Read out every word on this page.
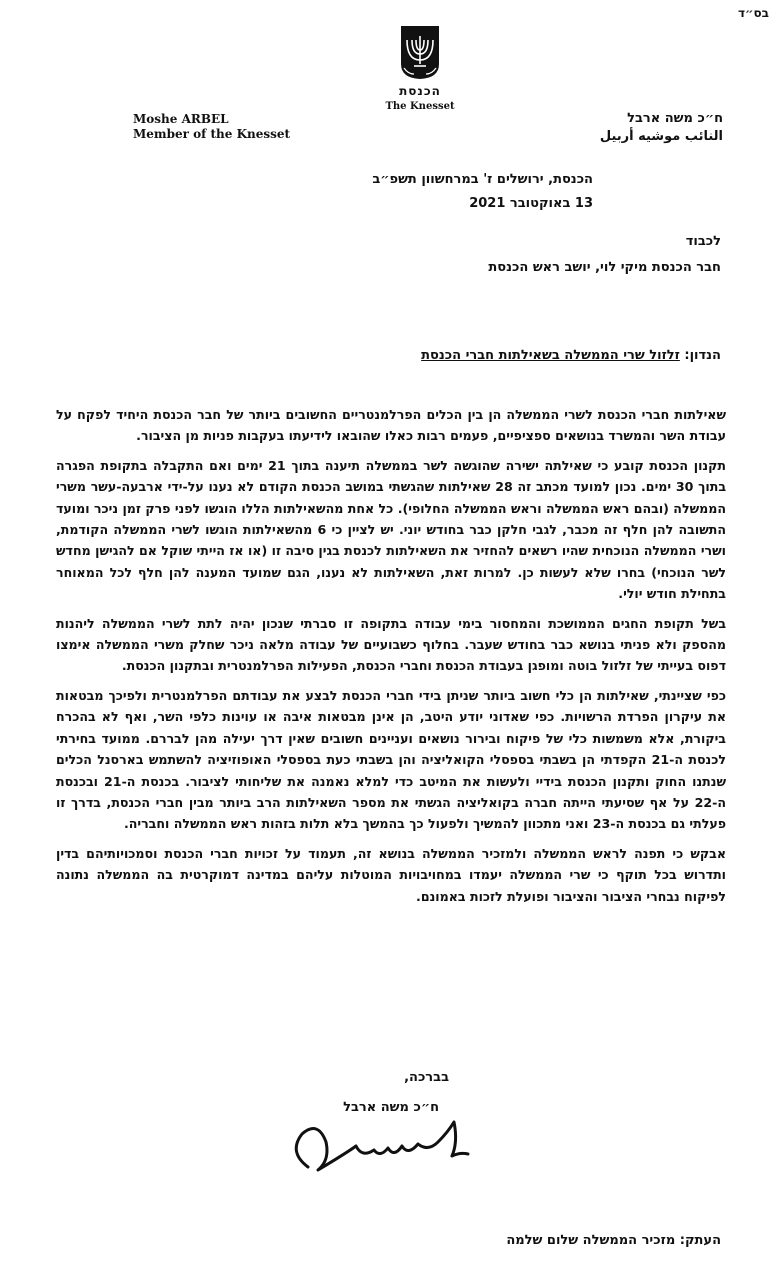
בס״ד
הכנסת
The Knesset
Moshe ARBEL
Member of the Knesset
ח״כ משה ארבל
النائب موشيه أربيل
הכנסת, ירושלים ז' במרחשוון תשפ״ב
13 באוקטובר 2021
לכבוד
חבר הכנסת מיקי לוי, יושב ראש הכנסת
הנדון: זלזול שרי הממשלה בשאילתות חברי הכנסת

שאילתות חברי הכנסת לשרי הממשלה הן בין הכלים הפרלמנטריים החשובים ביותר של חבר הכנסת היחיד לפקח על עבודת השר והמשרד בנושאים ספציפיים, פעמים רבות כאלו שהובאו לידיעתו בעקבות פניות מן הציבור.

תקנון הכנסת קובע כי שאילתה ישירה שהוגשה לשר בממשלה תיענה בתוך 21 ימים ואם התקבלה בתקופת הפגרה בתוך 30 ימים. נכון למועד מכתב זה 28 שאילתות שהגשתי במושב הכנסת הקודם לא נענו על-ידי ארבעה-עשר משרי הממשלה (ובהם ראש הממשלה וראש הממשלה החלופי). כל אחת מהשאילתות הללו הוגשו לפני פרק זמן ניכר ומועד התשובה להן חלף זה מכבר, לגבי חלקן כבר בחודש יוני. יש לציין כי 6 מהשאילתות הוגשו לשרי הממשלה הקודמת, ושרי הממשלה הנוכחית שהיו רשאים להחזיר את השאילתות לכנסת בגין סיבה זו (או אז הייתי שוקל אם להגישן מחדש לשר הנוכחי) בחרו שלא לעשות כן. למרות זאת, השאילתות לא נענו, הגם שמועד המענה להן חלף לכל המאוחר בתחילת חודש יולי.

בשל תקופת החגים הממושכת והמחסור בימי עבודה בתקופה זו סברתי שנכון יהיה לתת לשרי הממשלה ליהנות מהספק ולא פניתי בנושא כבר בחודש שעבר. בחלוף כשבועיים של עבודה מלאה ניכר שחלק משרי הממשלה אימצו דפוס בעייתי של זלזול בוטה ומופגן בעבודת הכנסת וחברי הכנסת, הפעילות הפרלמנטרית ובתקנון הכנסת.

כפי שציינתי, שאילתות הן כלי חשוב ביותר שניתן בידי חברי הכנסת לבצע את עבודתם הפרלמנטרית ולפיכך מבטאות את עיקרון הפרדת הרשויות. כפי שאדוני יודע היטב, הן אינן מבטאות איבה או עוינות כלפי השר, ואף לא בהכרח ביקורת, אלא משמשות כלי של פיקוח ובירור נושאים ועניינים חשובים שאין דרך יעילה מהן לבררם. ממועד בחירתי לכנסת ה-21 הקפדתי הן בשבתי בספסלי הקואליציה והן בשבתי כעת בספסלי האופוזיציה להשתמש בארסנל הכלים שנתנו החוק ותקנון הכנסת בידיי ולעשות את המיטב כדי למלא נאמנה את שליחותי לציבור. בכנסת ה-21 ובכנסת ה-22 על אף שסיעתי הייתה חברה בקואליציה הגשתי את מספר השאילתות הרב ביותר מבין חברי הכנסת, בדרך זו פעלתי גם בכנסת ה-23 ואני מתכוון להמשיך ולפעול כך בהמשך בלא תלות בזהות ראש הממשלה וחבריה.

אבקש כי תפנה לראש הממשלה ולמזכיר הממשלה בנושא זה, תעמוד על זכויות חברי הכנסת וסמכויותיהם בדין ותדרוש בכל תוקף כי שרי הממשלה יעמדו במחויבויות המוטלות עליהם במדינה דמוקרטית בה הממשלה נתונה לפיקוח נבחרי הציבור והציבור ופועלת לזכות באמונם.

בברכה,
ח״כ משה ארבל
העתק: מזכיר הממשלה שלום שלמה
